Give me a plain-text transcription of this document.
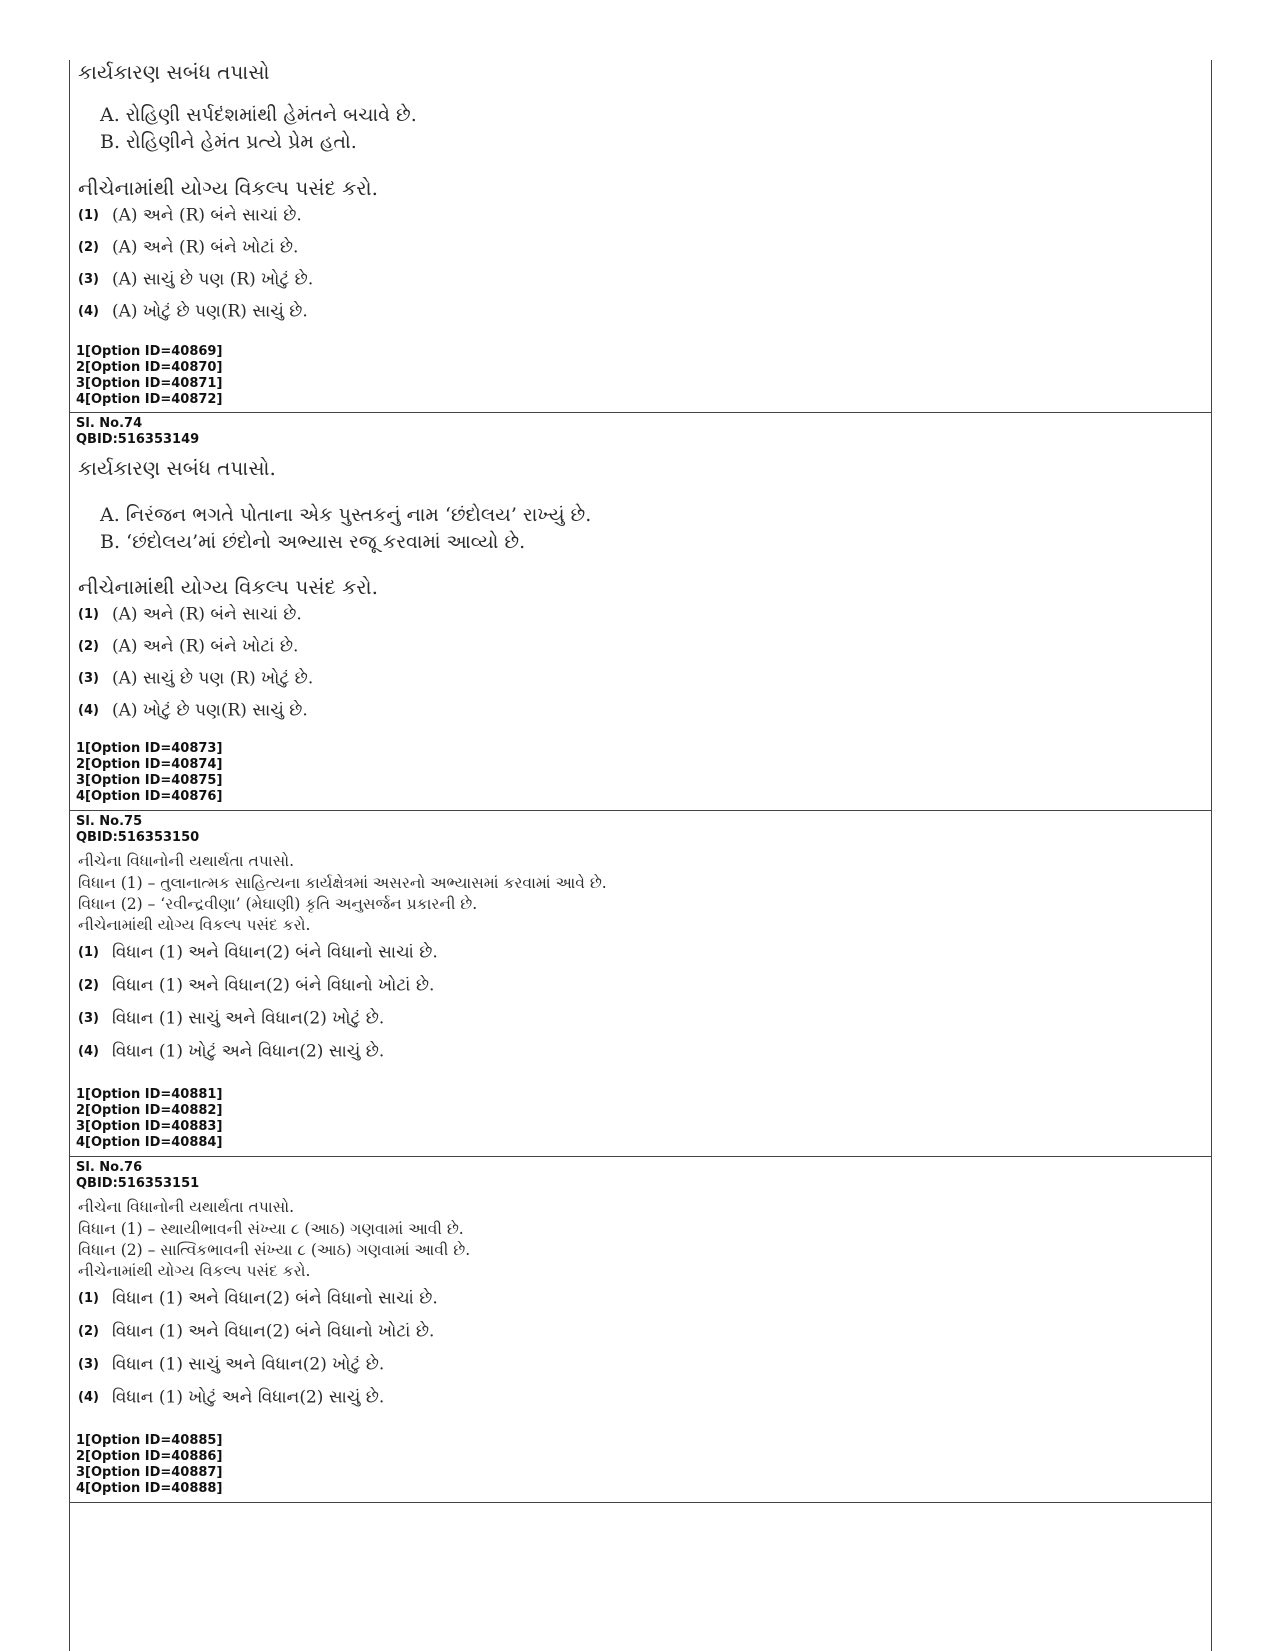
કાર્યકારણ સબંધ તપાસો
A. રોહિણી સર્પદંશમાંથી હેમંતને બચાવે છે.
B. રોહિણીને હેમંત પ્રત્યે પ્રેમ હતો.
નીચેનામાંથી યોગ્ય વિકલ્પ પસંદ કરો.
(1) (A) અને (R) બંને સાચાં છે.
(2) (A) અને (R) બંને ખોટાં છે.
(3) (A) સાચું છે પણ (R) ખોટું છે.
(4) (A) ખોટું છે પણ(R) સાચું છે.
1[Option ID=40869]
2[Option ID=40870]
3[Option ID=40871]
4[Option ID=40872]
Sl. No.74
QBID:516353149
કાર્યકારણ સબંધ તપાસો.
A. નિરંજન ભગતે પોતાના એક પુસ્તકનું નામ ‘છંદોલય’ રાખ્યું છે.
B. ‘છંદોલય’માં છંદોનો અભ્યાસ રજૂ કરવામાં આવ્યો છે.
નીચેનામાંથી યોગ્ય વિકલ્પ પસંદ કરો.
(1) (A) અને (R) બંને સાચાં છે.
(2) (A) અને (R) બંને ખોટાં છે.
(3) (A) સાચું છે પણ (R) ખોટું છે.
(4) (A) ખોટું છે પણ(R) સાચું છે.
1[Option ID=40873]
2[Option ID=40874]
3[Option ID=40875]
4[Option ID=40876]
Sl. No.75
QBID:516353150
નીચેના વિધાનોની યથાર્થતા તપાસો.
વિધાન (1) – તુલાનાત્મક સાહિત્યના કાર્યક્ષેત્રમાં અસરનો અભ્યાસમાં કરવામાં આવે છે.
વિધાન (2) – ‘રવીન્દ્રવીણા’ (મેઘાણી) કૃતિ અનુસર્જન પ્રકારની છે.
નીચેનામાંથી યોગ્ય વિકલ્પ પસંદ કરો.
(1) વિધાન (1) અને વિધાન(2) બંને વિધાનો સાચાં છે.
(2) વિધાન (1) અને વિધાન(2) બંને વિધાનો ખોટાં છે.
(3) વિધાન (1) સાચું અને વિધાન(2) ખોટું છે.
(4) વિધાન (1) ખોટું અને વિધાન(2) સાચું છે.
1[Option ID=40881]
2[Option ID=40882]
3[Option ID=40883]
4[Option ID=40884]
Sl. No.76
QBID:516353151
નીચેના વિધાનોની યથાર્થતા તપાસો.
વિધાન (1) – સ્થાયીભાવની સંખ્યા ૮ (આઠ) ગણવામાં આવી છે.
વિધાન (2) – સાત્વિકભાવની સંખ્યા ૮ (આઠ) ગણવામાં આવી છે.
નીચેનામાંથી યોગ્ય વિકલ્પ પસંદ કરો.
(1) વિધાન (1) અને વિધાન(2) બંને વિધાનો સાચાં છે.
(2) વિધાન (1) અને વિધાન(2) બંને વિધાનો ખોટાં છે.
(3) વિધાન (1) સાચું અને વિધાન(2) ખોટું છે.
(4) વિધાન (1) ખોટું અને વિધાન(2) સાચું છે.
1[Option ID=40885]
2[Option ID=40886]
3[Option ID=40887]
4[Option ID=40888]
